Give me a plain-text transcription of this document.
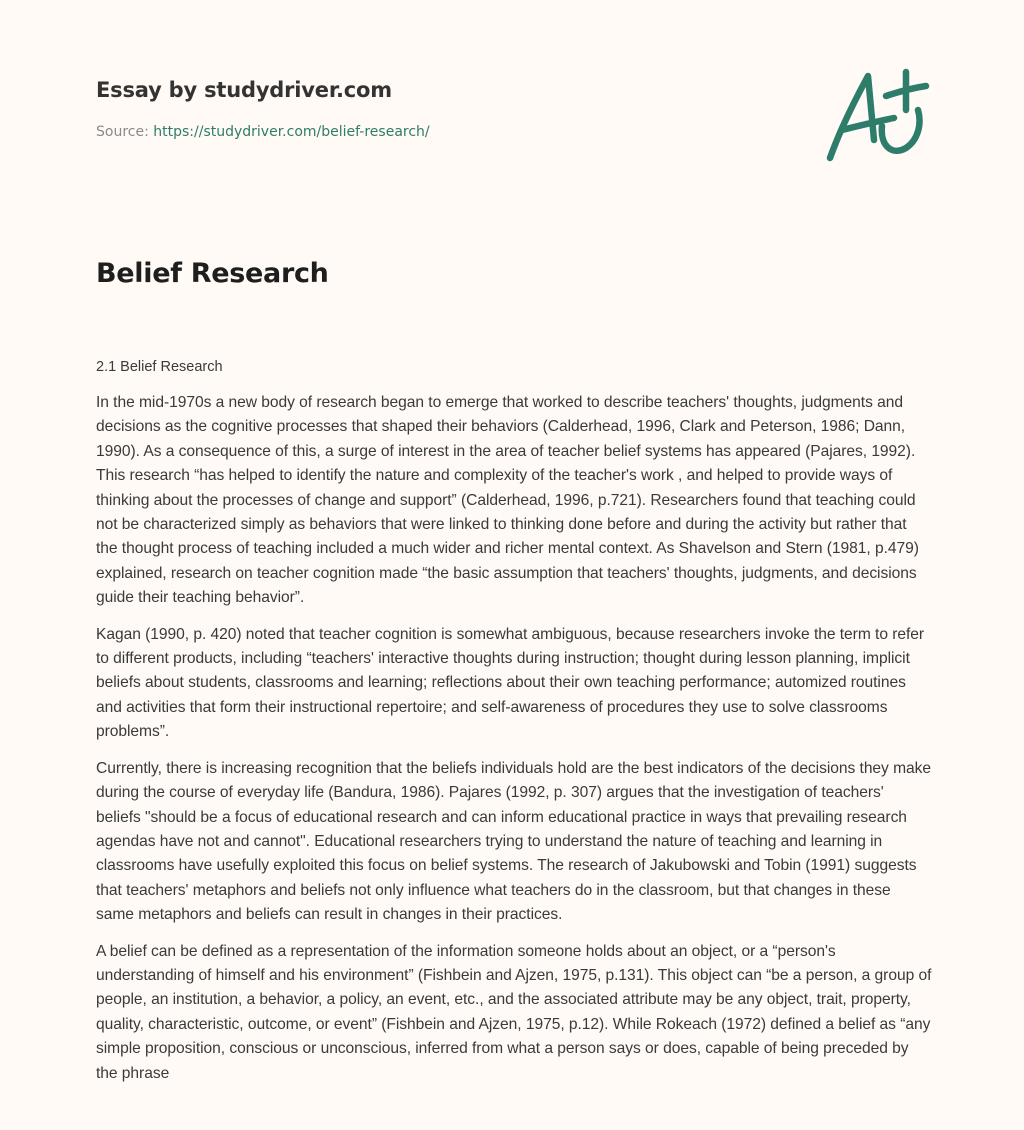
Essay by studydriver.com
Source: https://studydriver.com/belief-research/
Belief Research

2.1 Belief Research

In the mid-1970s a new body of research began to emerge that worked to describe teachers' thoughts, judgments and decisions as the cognitive processes that shaped their behaviors (Calderhead, 1996, Clark and Peterson, 1986; Dann, 1990). As a consequence of this, a surge of interest in the area of teacher belief systems has appeared (Pajares, 1992). This research “has helped to identify the nature and complexity of the teacher's work , and helped to provide ways of thinking about the processes of change and support” (Calderhead, 1996, p.721). Researchers found that teaching could not be characterized simply as behaviors that were linked to thinking done before and during the activity but rather that the thought process of teaching included a much wider and richer mental context. As Shavelson and Stern (1981, p.479) explained, research on teacher cognition made “the basic assumption that teachers' thoughts, judgments, and decisions guide their teaching behavior”.

Kagan (1990, p. 420) noted that teacher cognition is somewhat ambiguous, because researchers invoke the term to refer to different products, including “teachers' interactive thoughts during instruction; thought during lesson planning, implicit beliefs about students, classrooms and learning; reflections about their own teaching performance; automized routines and activities that form their instructional repertoire; and self-awareness of procedures they use to solve classrooms problems”.

Currently, there is increasing recognition that the beliefs individuals hold are the best indicators of the decisions they make during the course of everyday life (Bandura, 1986). Pajares (1992, p. 307) argues that the investigation of teachers' beliefs "should be a focus of educational research and can inform educational practice in ways that prevailing research agendas have not and cannot". Educational researchers trying to understand the nature of teaching and learning in classrooms have usefully exploited this focus on belief systems. The research of Jakubowski and Tobin (1991) suggests that teachers' metaphors and beliefs not only influence what teachers do in the classroom, but that changes in these same metaphors and beliefs can result in changes in their practices.

A belief can be defined as a representation of the information someone holds about an object, or a “person's understanding of himself and his environment” (Fishbein and Ajzen, 1975, p.131). This object can “be a person, a group of people, an institution, a behavior, a policy, an event, etc., and the associated attribute may be any object, trait, property, quality, characteristic, outcome, or event” (Fishbein and Ajzen, 1975, p.12). While Rokeach (1972) defined a belief as “any simple proposition, conscious or unconscious, inferred from what a person says or does, capable of being preceded by the phrase
